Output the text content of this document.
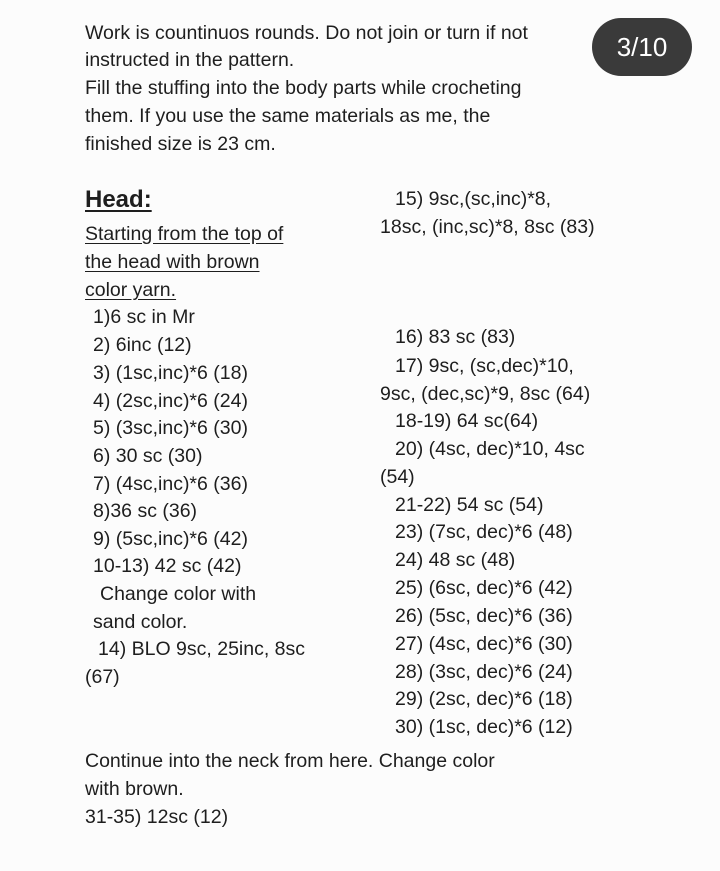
Work is countinuos rounds. Do not join or turn if not
instructed in the pattern.
Fill the stuffing into the body parts while crocheting
them. If you use the same materials as me, the
finished size is 23 cm.
3/10
Head:
Starting from the top of
the head with brown
color yarn.
1)6 sc in Mr
2) 6inc (12)
3) (1sc,inc)*6 (18)
4) (2sc,inc)*6 (24)
5) (3sc,inc)*6 (30)
6) 30 sc (30)
7) (4sc,inc)*6 (36)
8)36 sc (36)
9) (5sc,inc)*6 (42)
10-13) 42 sc (42)
Change color with
sand color.
14) BLO 9sc, 25inc, 8sc
(67)
15) 9sc,(sc,inc)*8,
18sc, (inc,sc)*8, 8sc (83)
16) 83 sc (83)
17) 9sc, (sc,dec)*10,
9sc, (dec,sc)*9, 8sc (64)
18-19) 64 sc(64)
20) (4sc, dec)*10, 4sc
(54)
21-22) 54 sc (54)
23) (7sc, dec)*6 (48)
24) 48 sc (48)
25) (6sc, dec)*6 (42)
26) (5sc, dec)*6 (36)
27) (4sc, dec)*6 (30)
28) (3sc, dec)*6 (24)
29) (2sc, dec)*6 (18)
30) (1sc, dec)*6 (12)
Continue into the neck from here. Change color
with brown.
31-35) 12sc (12)
